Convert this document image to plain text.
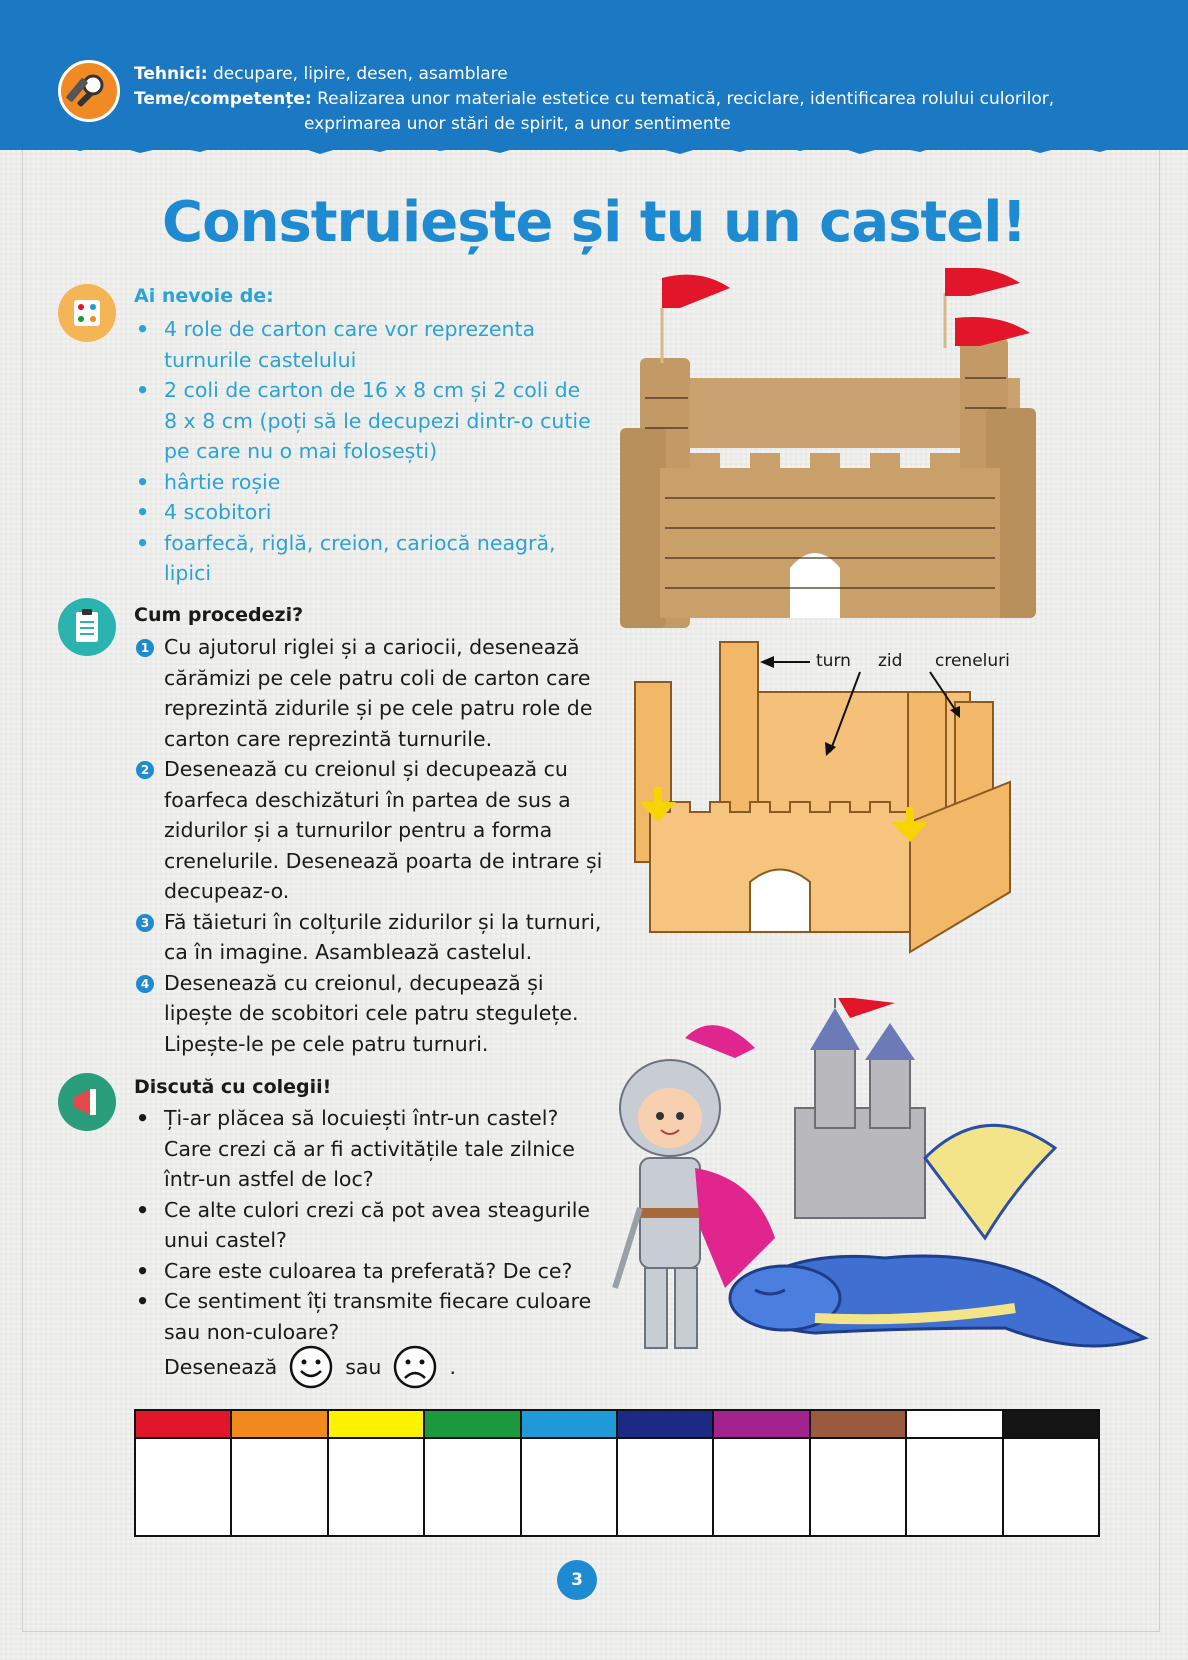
Tehnici: decupare, lipire, desen, asamblare
Teme/competențe: Realizarea unor materiale estetice cu tematică, reciclare, identificarea rolului culorilor,
exprimarea unor stări de spirit, a unor sentimente
Construiește și tu un castel!
Ai nevoie de:
• 4 role de carton care vor reprezenta turnurile castelului
• 2 coli de carton de 16 x 8 cm și 2 coli de 8 x 8 cm (poți să le decupezi dintr-o cutie pe care nu o mai folosești)
• hârtie roșie
• 4 scobitori
• foarfecă, riglă, creion, cariocă neagră, lipici
Cum procedezi?
1 Cu ajutorul riglei și a cariocii, desenează cărămizi pe cele patru coli de carton care reprezintă zidurile și pe cele patru role de carton care reprezintă turnurile.
2 Desenează cu creionul și decupează cu foarfeca deschizături în partea de sus a zidurilor și a turnurilor pentru a forma crenelurile. Desenează poarta de intrare și decupeaz-o.
3 Fă tăieturi în colțurile zidurilor și la turnuri, ca în imagine. Asamblează castelul.
4 Desenează cu creionul, decupează și lipește de scobitori cele patru stegulețe. Lipește-le pe cele patru turnuri.
Discută cu colegii!
• Ți-ar plăcea să locuiești într-un castel? Care crezi că ar fi activitățile tale zilnice într-un astfel de loc?
• Ce alte culori crezi că pot avea steagurile unui castel?
• Care este culoarea ta preferată? De ce?
• Ce sentiment îți transmite fiecare culoare sau non-culoare?
Desenează	sau	.
turn zid creneluri

3
